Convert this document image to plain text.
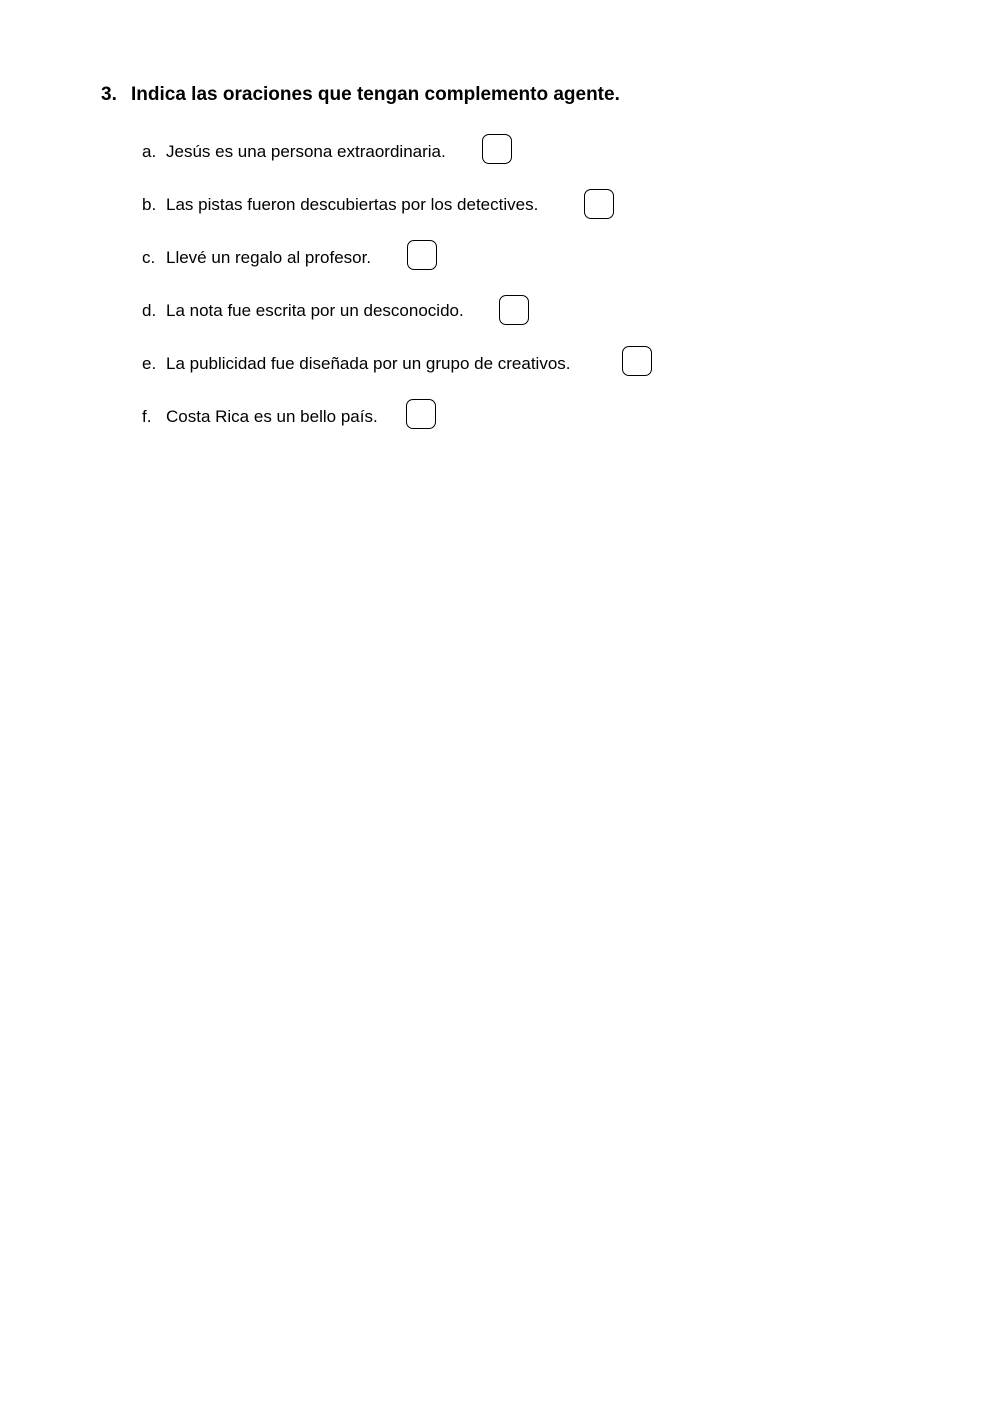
3. Indica las oraciones que tengan complemento agente.
a. Jesús es una persona extraordinaria.
b. Las pistas fueron descubiertas por los detectives.
c. Llevé un regalo al profesor.
d. La nota fue escrita por un desconocido.
e. La publicidad fue diseñada por un grupo de creativos.
f. Costa Rica es un bello país.
